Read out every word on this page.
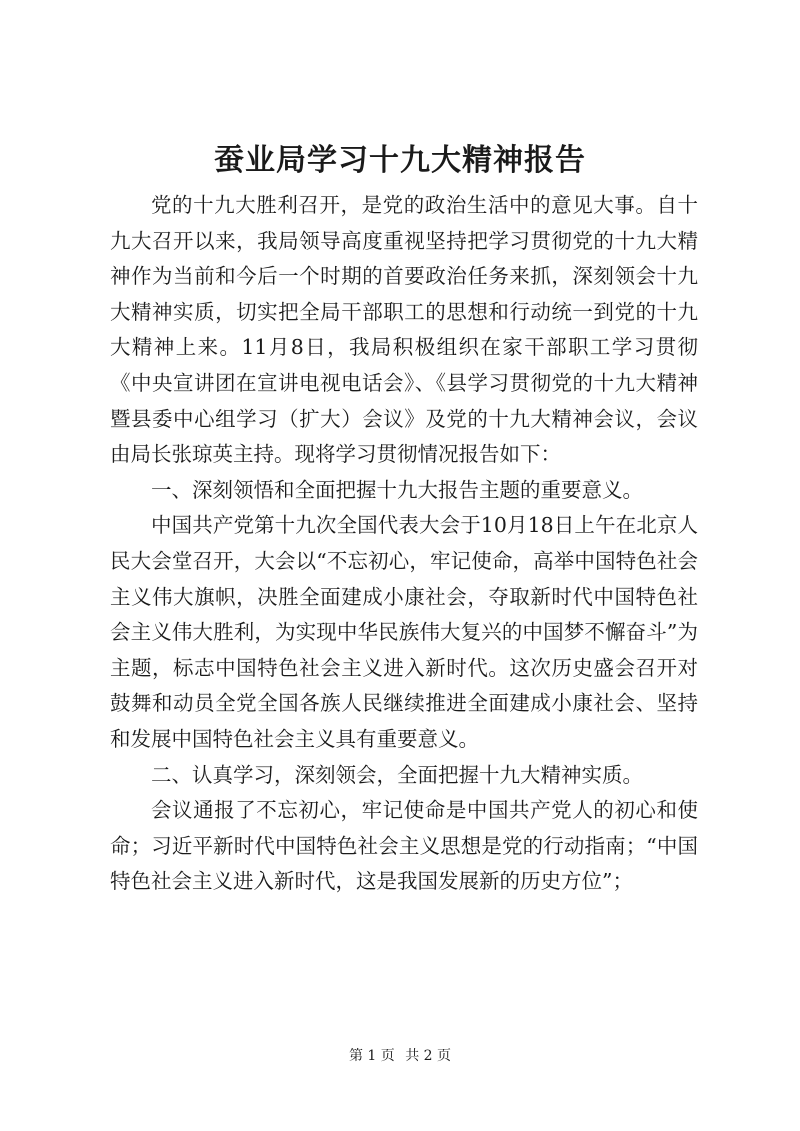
蚕业局学习十九大精神报告

党的十九大胜利召开，是党的政治生活中的意见大事。自十九大召开以来，我局领导高度重视坚持把学习贯彻党的十九大精神作为当前和今后一个时期的首要政治任务来抓，深刻领会十九大精神实质，切实把全局干部职工的思想和行动统一到党的十九大精神上来。11月8日，我局积极组织在家干部职工学习贯彻《中央宣讲团在宣讲电视电话会》、《县学习贯彻党的十九大精神暨县委中心组学习（扩大）会议》及党的十九大精神会议，会议由局长张琼英主持。现将学习贯彻情况报告如下：

一、深刻领悟和全面把握十九大报告主题的重要意义。

中国共产党第十九次全国代表大会于10月18日上午在北京人民大会堂召开，大会以“不忘初心，牢记使命，高举中国特色社会主义伟大旗帜，决胜全面建成小康社会，夺取新时代中国特色社会主义伟大胜利，为实现中华民族伟大复兴的中国梦不懈奋斗”为主题，标志中国特色社会主义进入新时代。这次历史盛会召开对鼓舞和动员全党全国各族人民继续推进全面建成小康社会、坚持和发展中国特色社会主义具有重要意义。

二、认真学习，深刻领会，全面把握十九大精神实质。

会议通报了不忘初心，牢记使命是中国共产党人的初心和使命；习近平新时代中国特色社会主义思想是党的行动指南；“中国特色社会主义进入新时代，这是我国发展新的历史方位”；

第 1 页 共 2 页
